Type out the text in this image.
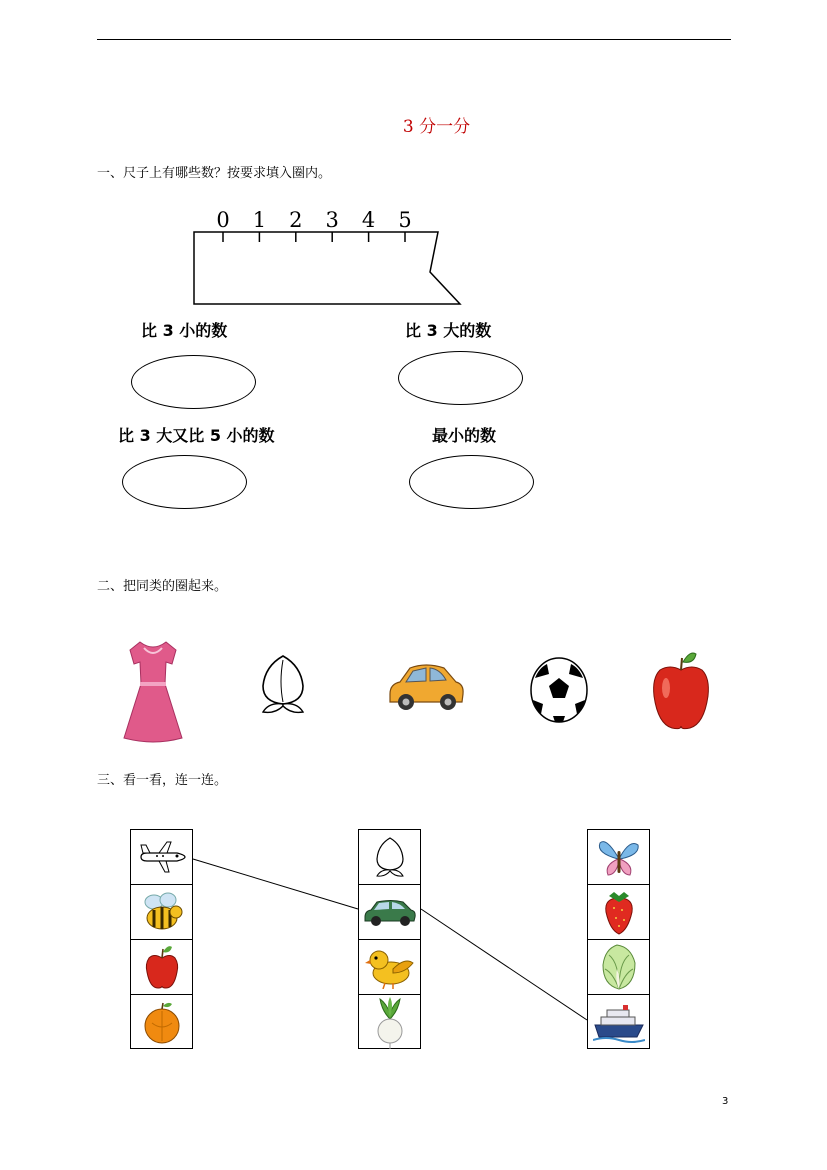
3 分一分
一、尺子上有哪些数？按要求填入圈内。
0 1 2 3 4 5
比 3 小的数	比 3 大的数
比 3 大又比 5 小的数	最小的数
二、把同类的圈起来。
三、看一看，连一连。
3
